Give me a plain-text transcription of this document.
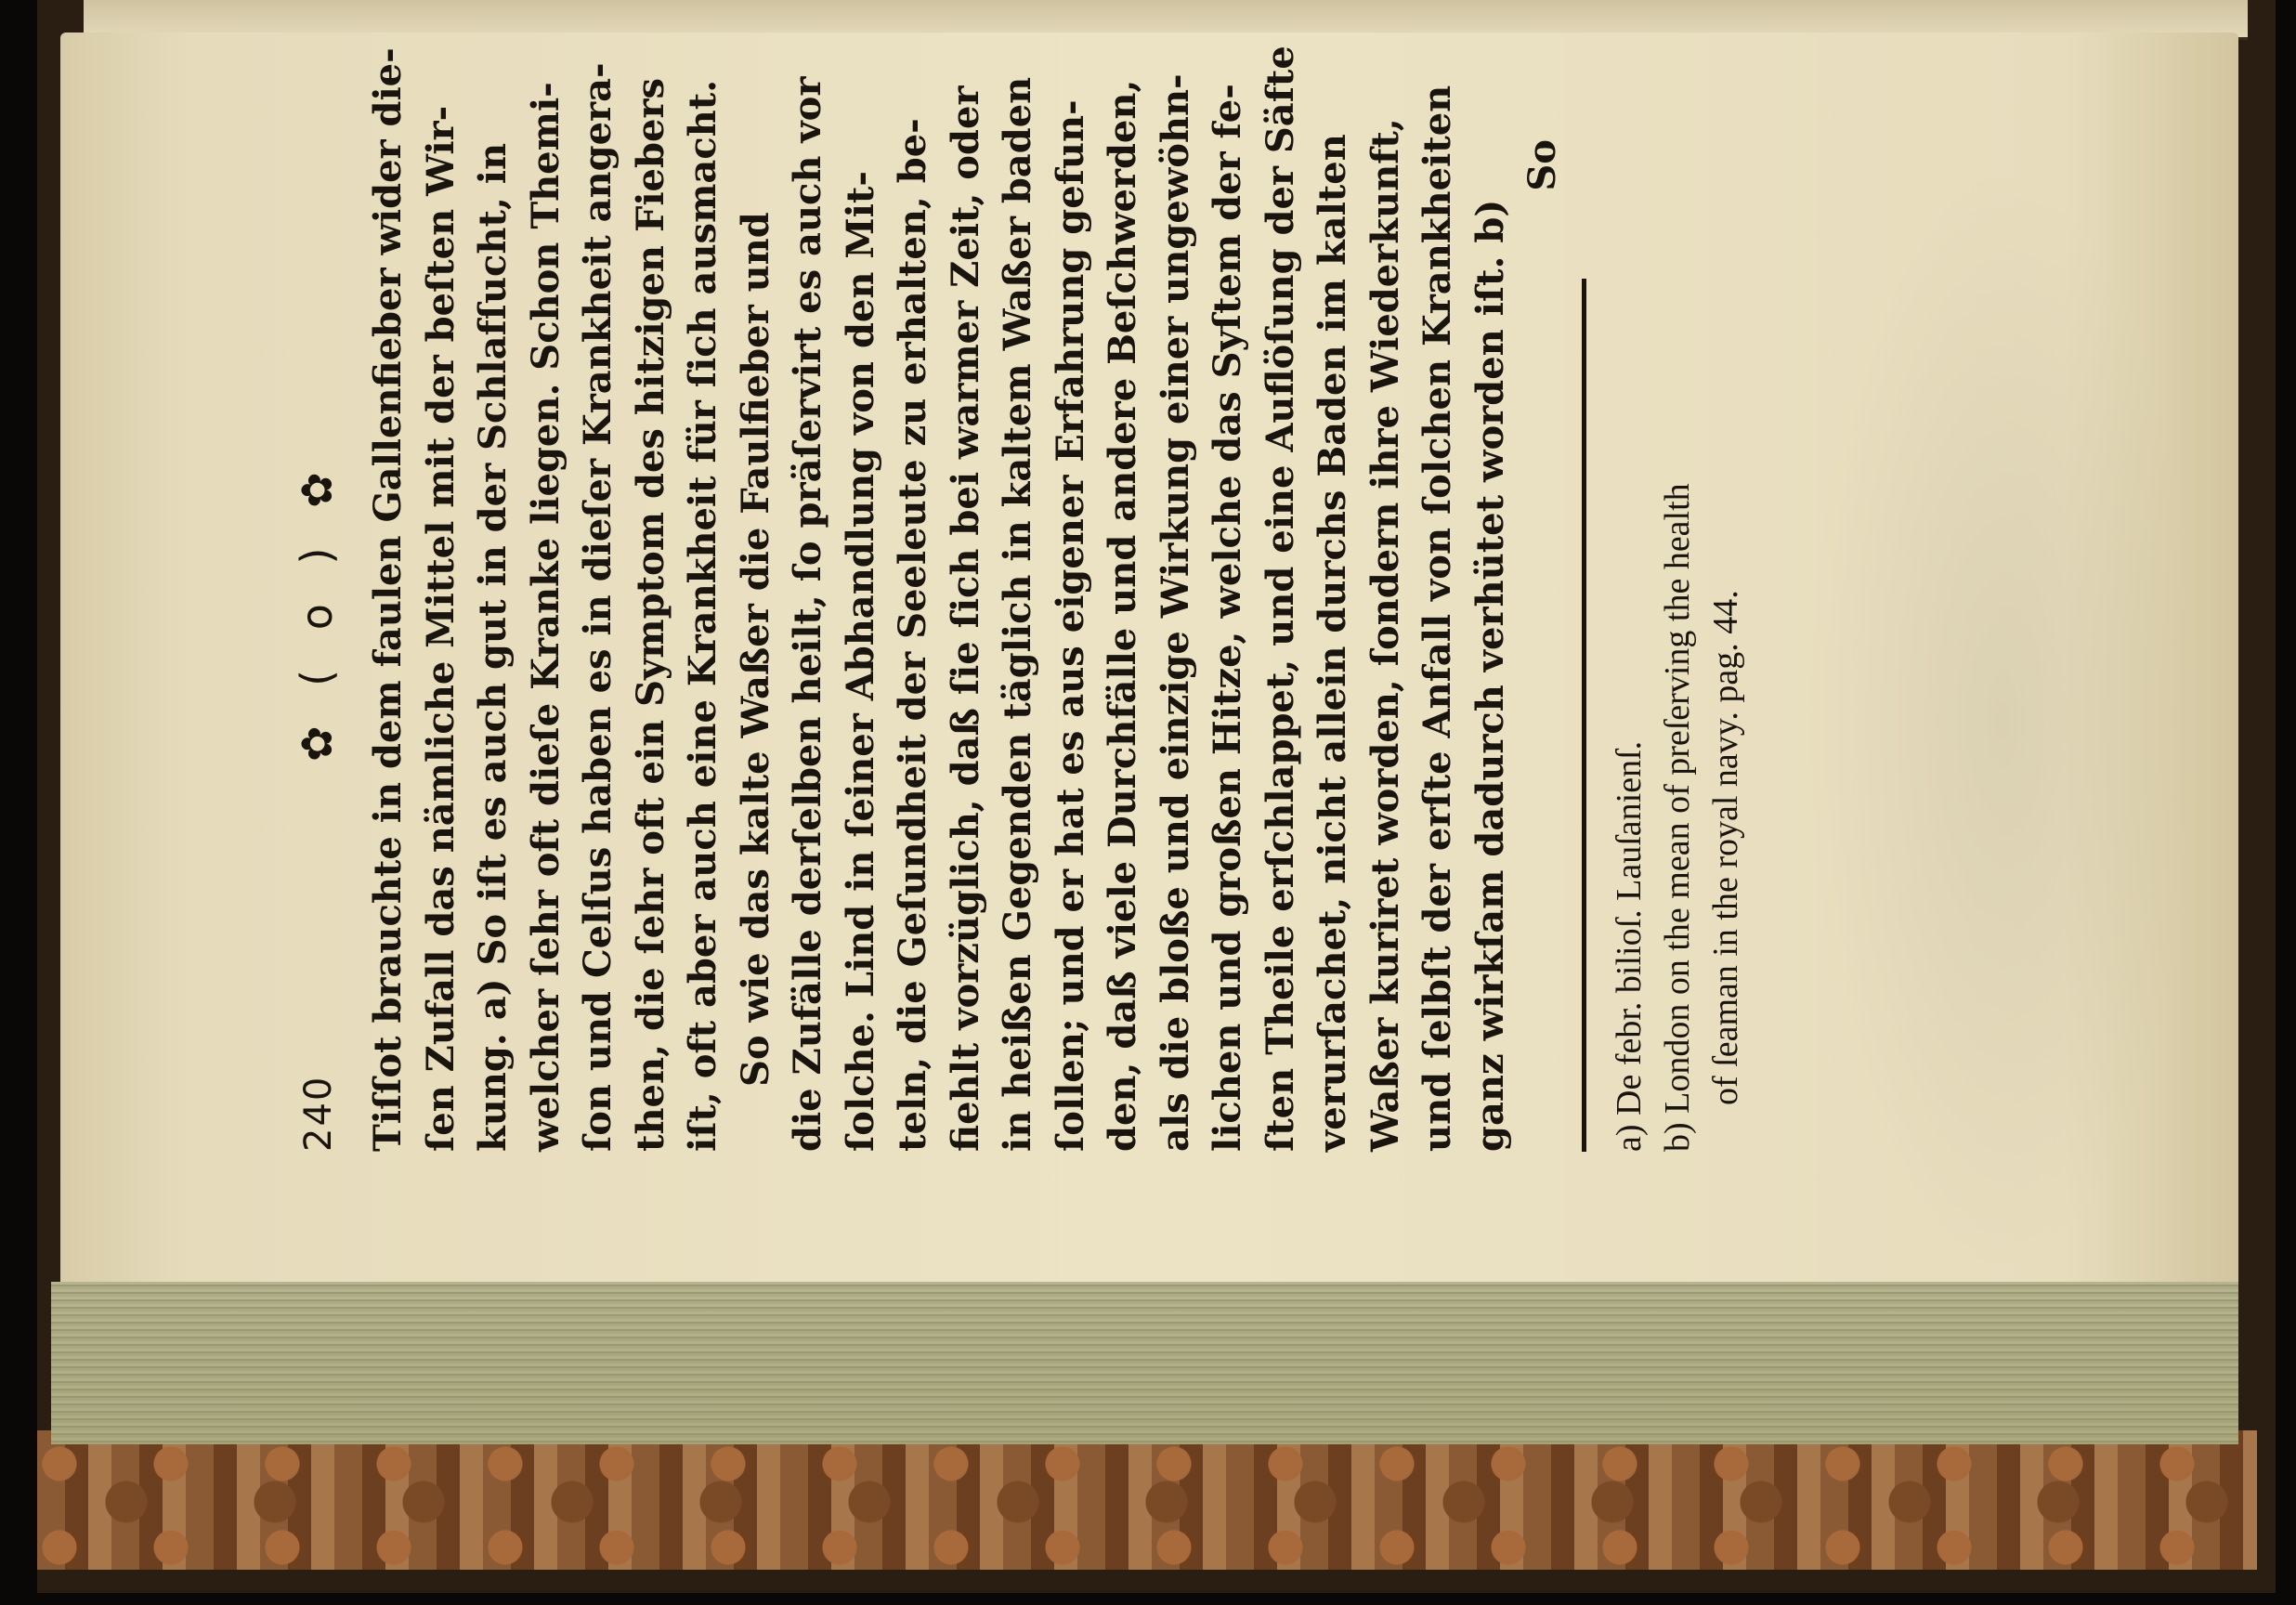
240
✿ ( o ) ✿ Tiſſot brauchte in dem faulen Gallenfieber wider die- ſen Zufall das nämliche Mittel mit der beſten Wir- kung. a) So iſt es auch gut in der Schlafſucht, in welcher ſehr oft dieſe Kranke liegen. Schon Themi- ſon und Celſus haben es in dieſer Krankheit angera- then, die ſehr oft ein Symptom des hitzigen Fiebers iſt, oft aber auch eine Krankheit für ſich ausmacht. So wie das kalte Waßer die Faulfieber und die Zufälle derſelben heilt, ſo präſervirt es auch vor ſolche. Lind in ſeiner Abhandlung von den Mit- teln, die Geſundheit der Seeleute zu erhalten, be- fiehlt vorzüglich, daß ſie ſich bei warmer Zeit, oder in heißen Gegenden täglich in kaltem Waßer baden ſollen; und er hat es aus eigener Erfahrung gefun- den, daß viele Durchfälle und andere Beſchwerden, als die bloße und einzige Wirkung einer ungewöhn- lichen und großen Hitze, welche das Syſtem der fe- ſten Theile erſchlappet, und eine Auflöſung der Säfte verurſachet, nicht allein durchs Baden im kalten Waßer kuriret worden, ſondern ihre Wiederkunft, und ſelbſt der erſte Anfall von ſolchen Krankheiten ganz wirkſam dadurch verhütet worden iſt. b)

So

a) De febr. bilioſ. Lauſanienſ. b) London on the mean of preſerving the health of ſeaman in the royal navy. pag. 44.
